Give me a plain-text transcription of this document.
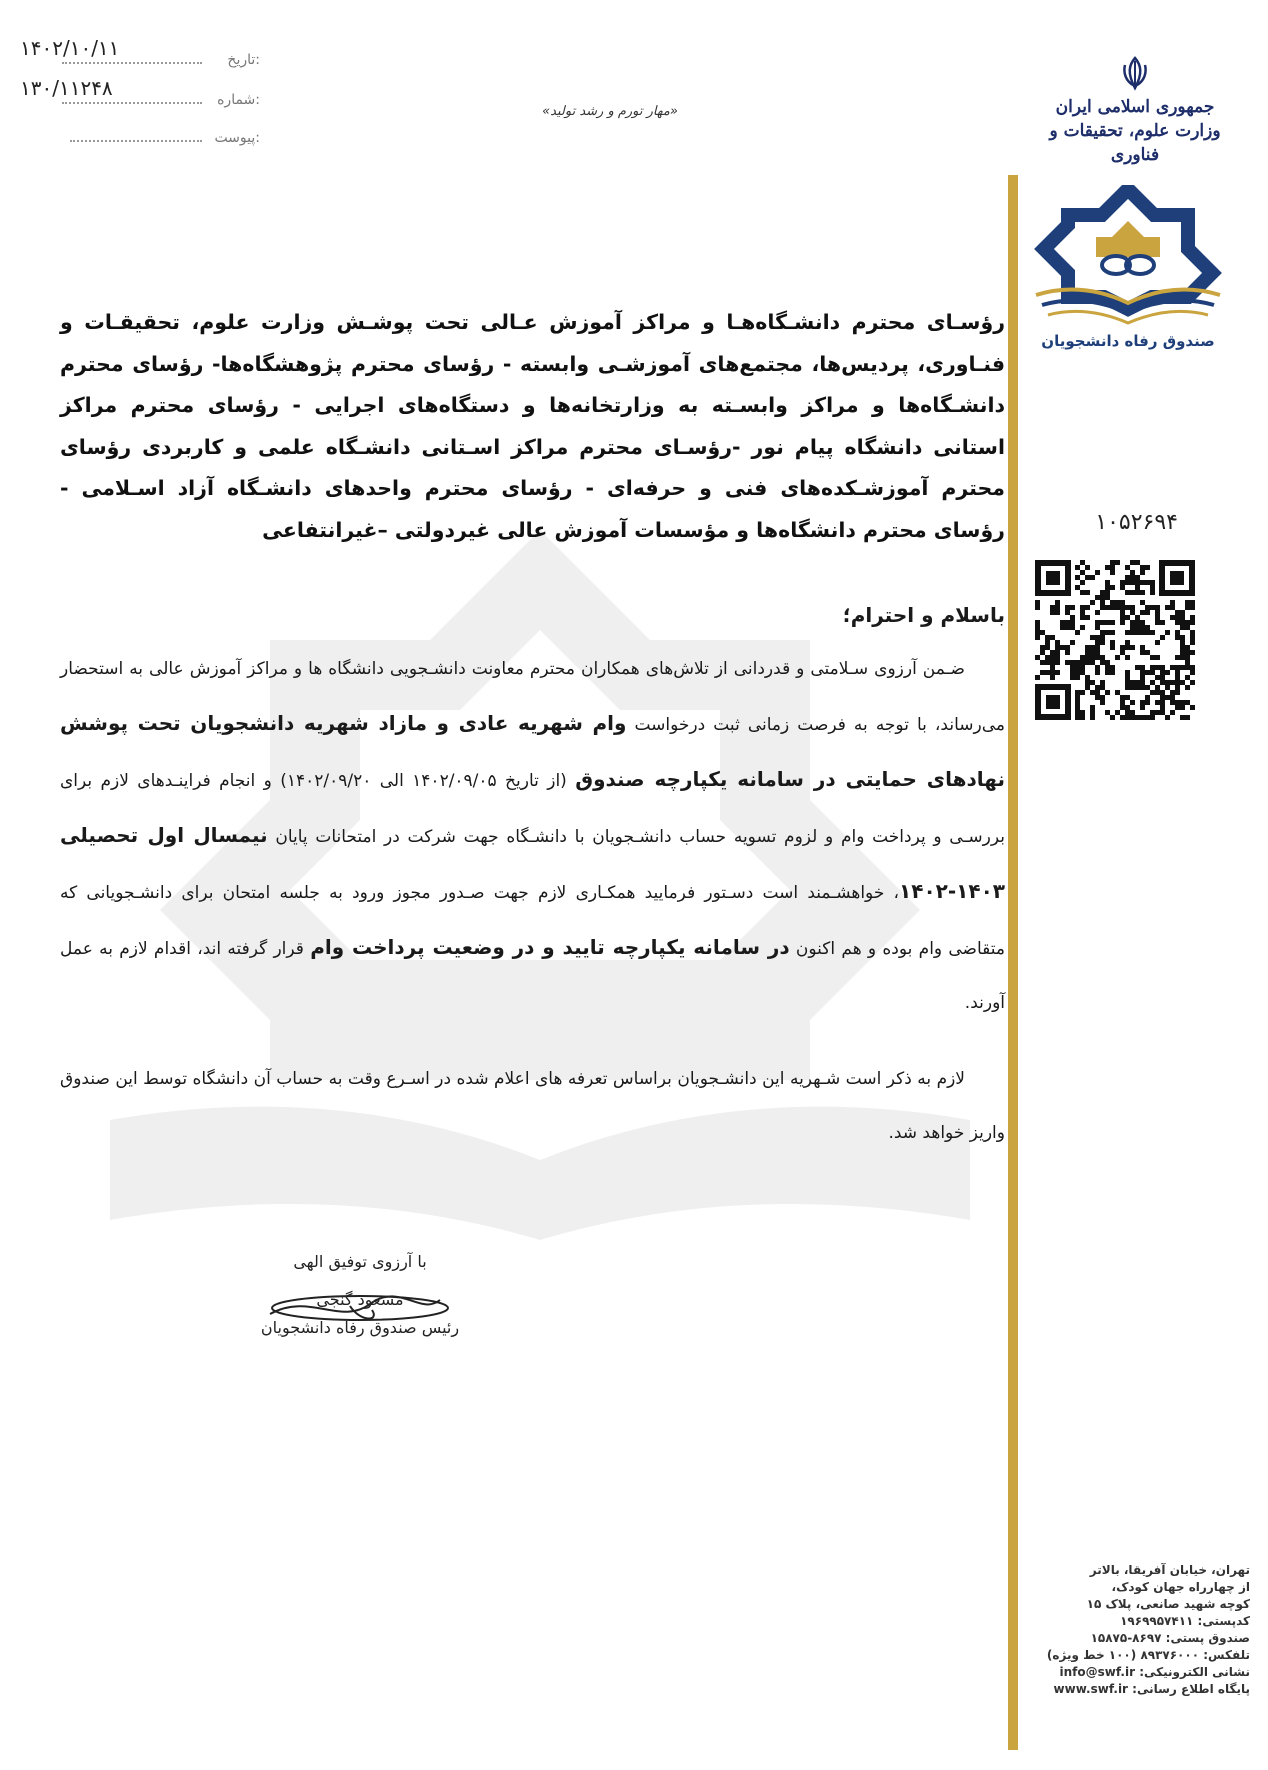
۱۴۰۲/۱۰/۱۱	تاریخ:
۱۳۰/۱۱۲۴۸	شماره:
پیوست:
«مهار تورم و رشد تولید»	جمهوری اسلامی ایران
وزارت علوم، تحقیقات و فناوری
صندوق رفاه دانشجویان
۱۰۵۲۶۹۴
رؤسـای محترم دانشـگاه‌هـا و مراکز آموزش عـالی تحت پوشـش وزارت علوم، تحقیقـات و فنـاوری، پردیس‌ها، مجتمع‌های آموزشـی وابسته - رؤسای محترم پژوهشگاه‌ها- رؤسای محترم دانشـگاه‌ها و مراکز وابسـته به وزارتخانه‌ها و دستگاه‌های اجرایی - رؤسای محترم مراکز استانی دانشگاه پیام نور -رؤسـای محترم مراکز اسـتانی دانشـگاه علمی و کاربردی رؤسای محترم آموزشـکده‌های فنی و حرفه‌ای - رؤسای محترم واحدهای دانشـگاه آزاد اسـلامی - رؤسای محترم دانشگاه‌ها و مؤسسات آموزش عالی غیردولتی –غیرانتفاعی
باسلام و احترام؛
ضـمن آرزوی سـلامتی و قدردانی از تلاش‌های همکاران محترم معاونت دانشـجویی دانشگاه ها و مراکز آموزش عالی به استحضار می‌رساند، با توجه به فرصت زمانی ثبت درخواست وام شهریه عادی و مازاد شهریه دانشجویان تحت پوشش نهادهای حمایتی در سامانه یکپارچه صندوق (از تاریخ ۱۴۰۲/۰۹/۰۵ الی ۱۴۰۲/۰۹/۲۰) و انجام فراینـدهای لازم برای بررسـی و پرداخت وام و لزوم تسویه حساب دانشـجویان با دانشـگاه جهت شرکت در امتحانات پایان نیمسال اول تحصیلی ۱۴۰۳-۱۴۰۲، خواهشـمند است دسـتور فرمایید همکـاری لازم جهت صـدور مجوز ورود به جلسه امتحان برای دانشـجویانی که متقاضی وام بوده و هم اکنون در سامانه یکپارچه تایید و در وضعیت پرداخت وام قرار گرفته اند، اقدام لازم به عمل آورند.
لازم به ذکر است شـهریه این دانشـجویان براساس تعرفه های اعلام شده در اسـرع وقت به حساب آن دانشگاه توسط این صندوق واریز خواهد شد.
با آرزوی توفیق الهی
مسعود گنجی
رئیس صندوق رفاه دانشجویان
تهران، خیابان آفریقا، بالاتر
از چهارراه جهان کودک،
کوچه شهید صانعی، پلاک ۱۵
کدپستی: ۱۹۶۹۹۵۷۴۱۱
صندوق پستی: ۸۶۹۷-۱۵۸۷۵
تلفکس: ۸۹۳۷۶۰۰۰ (۱۰۰ خط ویژه)
نشانی الکترونیکی: info@swf.ir
پایگاه اطلاع رسانی: www.swf.ir
